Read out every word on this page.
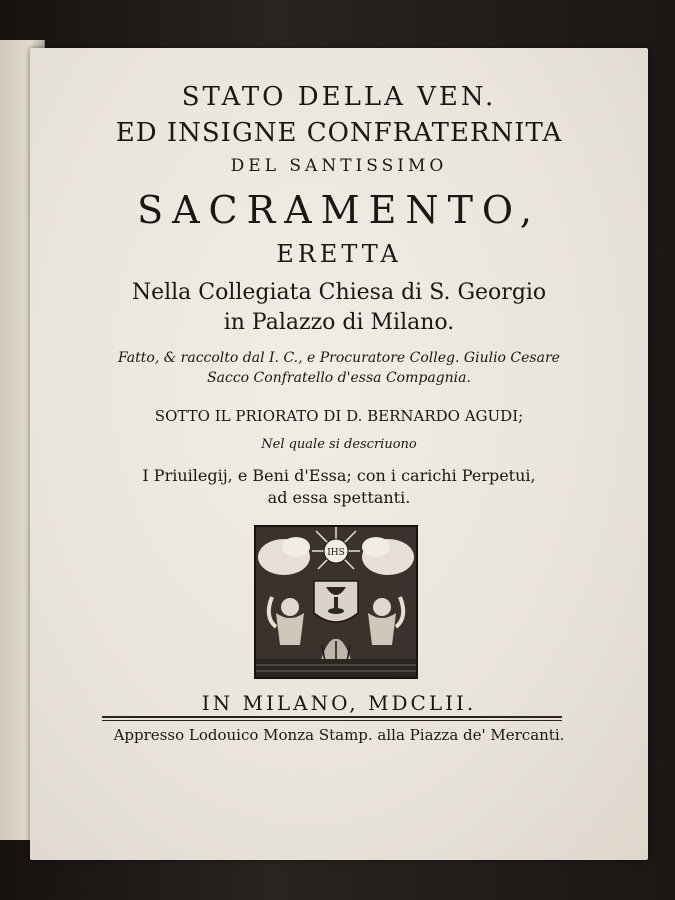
STATO DELLA VEN.
ED INSIGNE CONFRATERNITA
DEL SANTISSIMO
SACRAMENTO,
ERETTA
Nella Collegiata Chiesa di S. Georgio
in Palazzo di Milano.
Fatto, & raccolto dal I. C., e Procuratore Colleg. Giulio Cesare
Sacco Confratello d'essa Compagnia.
SOTTO IL PRIORATO DI D. BERNARDO AGUDI;
Nel quale si descriuono
I Priuilegij, e Beni d'Essa; con i carichi Perpetui,
ad essa spettanti.
IHS
IN MILANO, MDCLII.
Appresso Lodouico Monza Stamp. alla Piazza de' Mercanti.
